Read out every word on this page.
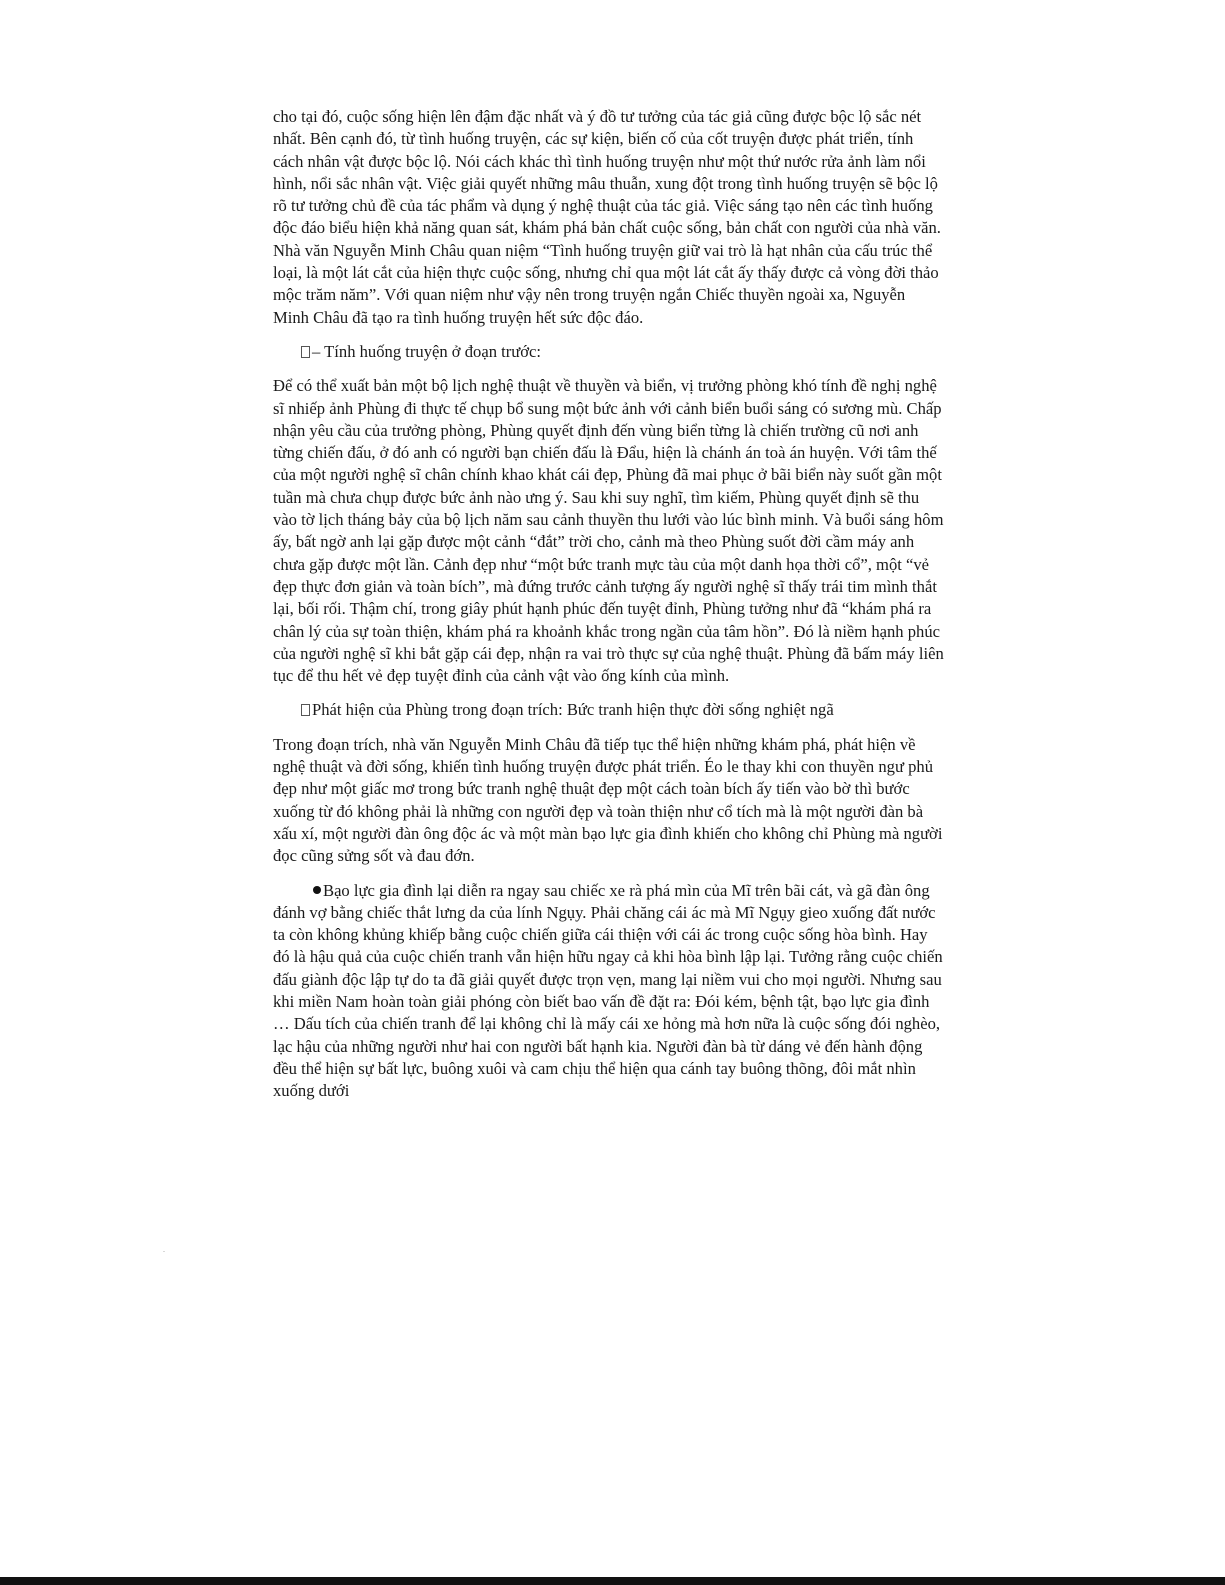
cho tại đó, cuộc sống hiện lên đậm đặc nhất và ý đồ tư tưởng của tác giả cũng được bộc lộ sắc nét nhất. Bên cạnh đó, từ tình huống truyện, các sự kiện, biến cố của cốt truyện được phát triển, tính cách nhân vật được bộc lộ. Nói cách khác thì tình huống truyện như một thứ nước rửa ảnh làm nổi hình, nổi sắc nhân vật. Việc giải quyết những mâu thuẫn, xung đột trong tình huống truyện sẽ bộc lộ rõ tư tưởng chủ đề của tác phẩm và dụng ý nghệ thuật của tác giả. Việc sáng tạo nên các tình huống độc đáo biểu hiện khả năng quan sát, khám phá bản chất cuộc sống, bản chất con người của nhà văn. Nhà văn Nguyễn Minh Châu quan niệm “Tình huống truyện giữ vai trò là hạt nhân của cấu trúc thể loại, là một lát cắt của hiện thực cuộc sống, nhưng chỉ qua một lát cắt ấy thấy được cả vòng đời thảo mộc trăm năm”. Với quan niệm như vậy nên trong truyện ngắn Chiếc thuyền ngoài xa, Nguyễn Minh Châu đã tạo ra tình huống truyện hết sức độc đáo.

– Tính huống truyện ở đoạn trước:

Để có thể xuất bản một bộ lịch nghệ thuật về thuyền và biển, vị trưởng phòng khó tính đề nghị nghệ sĩ nhiếp ảnh Phùng đi thực tế chụp bổ sung một bức ảnh với cảnh biển buổi sáng có sương mù. Chấp nhận yêu cầu của trưởng phòng, Phùng quyết định đến vùng biển từng là chiến trường cũ nơi anh từng chiến đấu, ở đó anh có người bạn chiến đấu là Đẩu, hiện là chánh án toà án huyện. Với tâm thế của một người nghệ sĩ chân chính khao khát cái đẹp, Phùng đã mai phục ở bãi biển này suốt gần một tuần mà chưa chụp được bức ảnh nào ưng ý. Sau khi suy nghĩ, tìm kiếm, Phùng quyết định sẽ thu vào tờ lịch tháng bảy của bộ lịch năm sau cảnh thuyền thu lưới vào lúc bình minh. Và buổi sáng hôm ấy, bất ngờ anh lại gặp được một cảnh “đắt” trời cho, cảnh mà theo Phùng suốt đời cầm máy anh chưa gặp được một lần. Cảnh đẹp như “một bức tranh mực tàu của một danh họa thời cổ”, một “vẻ đẹp thực đơn giản và toàn bích”, mà đứng trước cảnh tượng ấy người nghệ sĩ thấy trái tim mình thắt lại, bối rối. Thậm chí, trong giây phút hạnh phúc đến tuyệt đỉnh, Phùng tưởng như đã “khám phá ra chân lý của sự toàn thiện, khám phá ra khoảnh khắc trong ngần của tâm hồn”. Đó là niềm hạnh phúc của người nghệ sĩ khi bắt gặp cái đẹp, nhận ra vai trò thực sự của nghệ thuật. Phùng đã bấm máy liên tục để thu hết vẻ đẹp tuyệt đỉnh của cảnh vật vào ống kính của mình.

Phát hiện của Phùng trong đoạn trích: Bức tranh hiện thực đời sống nghiệt ngã

Trong đoạn trích, nhà văn Nguyễn Minh Châu đã tiếp tục thể hiện những khám phá, phát hiện về nghệ thuật và đời sống, khiến tình huống truyện được phát triển. Éo le thay khi con thuyền ngư phủ đẹp như một giấc mơ trong bức tranh nghệ thuật đẹp một cách toàn bích ấy tiến vào bờ thì bước xuống từ đó không phải là những con người đẹp và toàn thiện như cổ tích mà là một người đàn bà xấu xí, một người đàn ông độc ác và một màn bạo lực gia đình khiến cho không chỉ Phùng mà người đọc cũng sửng sốt và đau đớn.

Bạo lực gia đình lại diễn ra ngay sau chiếc xe rà phá mìn của Mĩ trên bãi cát, và gã đàn ông đánh vợ bằng chiếc thắt lưng da của lính Ngụy. Phải chăng cái ác mà Mĩ Ngụy gieo xuống đất nước ta còn không khủng khiếp bằng cuộc chiến giữa cái thiện với cái ác trong cuộc sống hòa bình. Hay đó là hậu quả của cuộc chiến tranh vẫn hiện hữu ngay cả khi hòa bình lập lại. Tưởng rằng cuộc chiến đấu giành độc lập tự do ta đã giải quyết được trọn vẹn, mang lại niềm vui cho mọi người. Nhưng sau khi miền Nam hoàn toàn giải phóng còn biết bao vấn đề đặt ra: Đói kém, bệnh tật, bạo lực gia đình … Dấu tích của chiến tranh để lại không chỉ là mấy cái xe hỏng mà hơn nữa là cuộc sống đói nghèo, lạc hậu của những người như hai con người bất hạnh kia. Người đàn bà từ dáng vẻ đến hành động đều thể hiện sự bất lực, buông xuôi và cam chịu thể hiện qua cánh tay buông thõng, đôi mắt nhìn xuống dưới
